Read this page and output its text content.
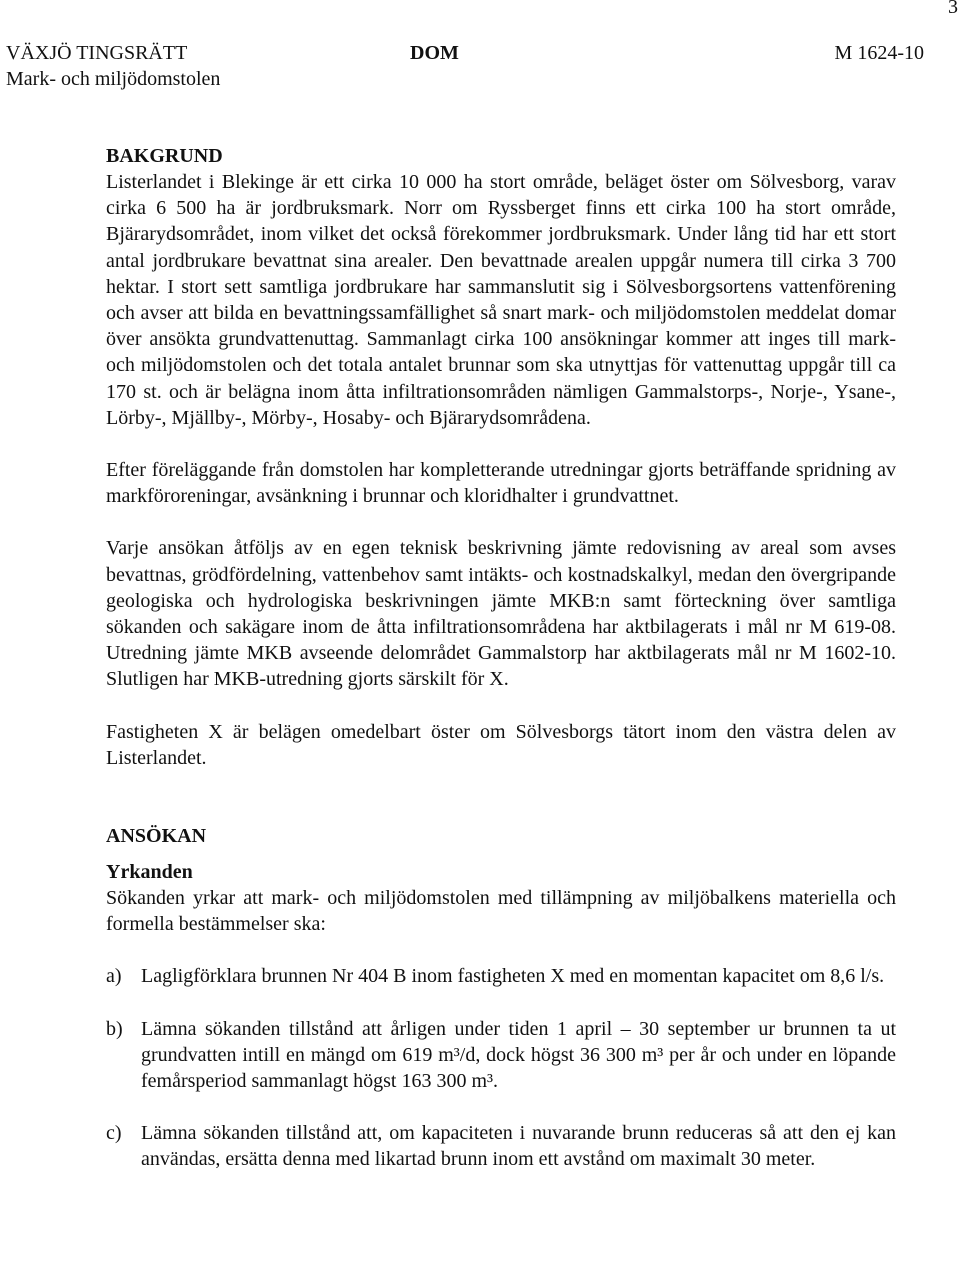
3
VÄXJÖ TINGSRÄTT
Mark- och miljödomstolen
DOM	M 1624-10
BAKGRUND

Listerlandet i Blekinge är ett cirka 10 000 ha stort område, beläget öster om Sölvesborg, varav cirka 6 500 ha är jordbruksmark. Norr om Ryssberget finns ett cirka 100 ha stort område, Bjärarydsområdet, inom vilket det också förekommer jordbruksmark. Under lång tid har ett stort antal jordbrukare bevattnat sina arealer. Den bevattnade arealen uppgår numera till cirka 3 700 hektar. I stort sett samtliga jordbrukare har sammanslutit sig i Sölvesborgsortens vattenförening och avser att bilda en bevattningssamfällighet så snart mark- och miljödomstolen meddelat domar över ansökta grundvattenuttag. Sammanlagt cirka 100 ansökningar kommer att inges till mark- och miljödomstolen och det totala antalet brunnar som ska utnyttjas för vattenuttag uppgår till ca 170 st. och är belägna inom åtta infiltrationsområden nämligen Gammalstorps-, Norje-, Ysane-, Lörby-, Mjällby-, Mörby-, Hosaby- och Bjärarydsområdena.

Efter föreläggande från domstolen har kompletterande utredningar gjorts beträffande spridning av markföroreningar, avsänkning i brunnar och kloridhalter i grundvattnet.

Varje ansökan åtföljs av en egen teknisk beskrivning jämte redovisning av areal som avses bevattnas, grödfördelning, vattenbehov samt intäkts- och kostnadskalkyl, medan den övergripande geologiska och hydrologiska beskrivningen jämte MKB:n samt förteckning över samtliga sökanden och sakägare inom de åtta infiltrationsområdena har aktbilagerats i mål nr M 619-08. Utredning jämte MKB avseende delområdet Gammalstorp har aktbilagerats mål nr M 1602-10. Slutligen har MKB-utredning gjorts särskilt för X.

Fastigheten X är belägen omedelbart öster om Sölvesborgs tätort inom den västra delen av Listerlandet.

ANSÖKAN
Yrkanden

Sökanden yrkar att mark- och miljödomstolen med tillämpning av miljöbalkens materiella och formella bestämmelser ska:

a) Lagligförklara brunnen Nr 404 B inom fastigheten X med en momentan kapacitet om 8,6 l/s.
b) Lämna sökanden tillstånd att årligen under tiden 1 april – 30 september ur brunnen ta ut grundvatten intill en mängd om 619 m³/d, dock högst 36 300 m³ per år och under en löpande femårsperiod sammanlagt högst 163 300 m³.
c) Lämna sökanden tillstånd att, om kapaciteten i nuvarande brunn reduceras så att den ej kan användas, ersätta denna med likartad brunn inom ett avstånd om maximalt 30 meter.
